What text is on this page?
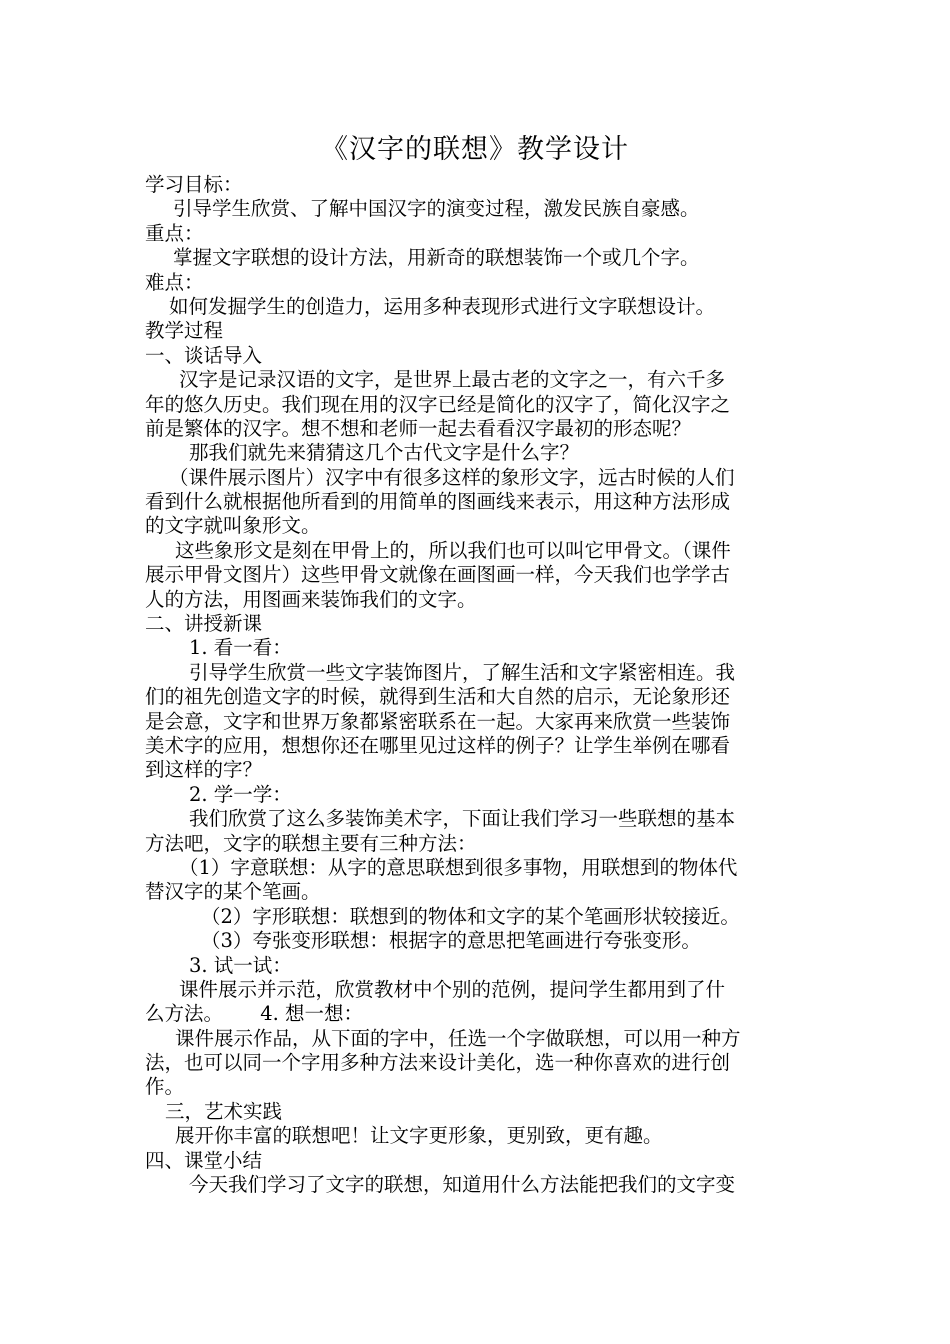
《汉字的联想》教学设计
学习目标：
引导学生欣赏、了解中国汉字的演变过程，激发民族自豪感。
重点：
掌握文字联想的设计方法，用新奇的联想装饰一个或几个字。
难点：
如何发掘学生的创造力，运用多种表现形式进行文字联想设计。
教学过程
一、谈话导入
汉字是记录汉语的文字，是世界上最古老的文字之一，有六千多
年的悠久历史。我们现在用的汉字已经是简化的汉字了，简化汉字之
前是繁体的汉字。想不想和老师一起去看看汉字最初的形态呢？
那我们就先来猜猜这几个古代文字是什么字？
（课件展示图片）汉字中有很多这样的象形文字，远古时候的人们
看到什么就根据他所看到的用简单的图画线来表示，用这种方法形成
的文字就叫象形文。
这些象形文是刻在甲骨上的，所以我们也可以叫它甲骨文。（课件
展示甲骨文图片）这些甲骨文就像在画图画一样，今天我们也学学古
人的方法，用图画来装饰我们的文字。
二、讲授新课
1. 看一看：
引导学生欣赏一些文字装饰图片，了解生活和文字紧密相连。我
们的祖先创造文字的时候，就得到生活和大自然的启示，无论象形还
是会意，文字和世界万象都紧密联系在一起。大家再来欣赏一些装饰
美术字的应用，想想你还在哪里见过这样的例子？让学生举例在哪看
到这样的字？
2. 学一学：
我们欣赏了这么多装饰美术字，下面让我们学习一些联想的基本
方法吧，文字的联想主要有三种方法：
（1）字意联想：从字的意思联想到很多事物，用联想到的物体代
替汉字的某个笔画。
（2）字形联想：联想到的物体和文字的某个笔画形状较接近。
（3）夸张变形联想：根据字的意思把笔画进行夸张变形。
3. 试一试：
课件展示并示范，欣赏教材中个别的范例，提问学生都用到了什
么方法。      4. 想一想：
课件展示作品，从下面的字中，任选一个字做联想，可以用一种方
法，也可以同一个字用多种方法来设计美化，选一种你喜欢的进行创
作。
三，艺术实践
展开你丰富的联想吧！让文字更形象，更别致，更有趣。
四、课堂小结
今天我们学习了文字的联想，知道用什么方法能把我们的文字变
